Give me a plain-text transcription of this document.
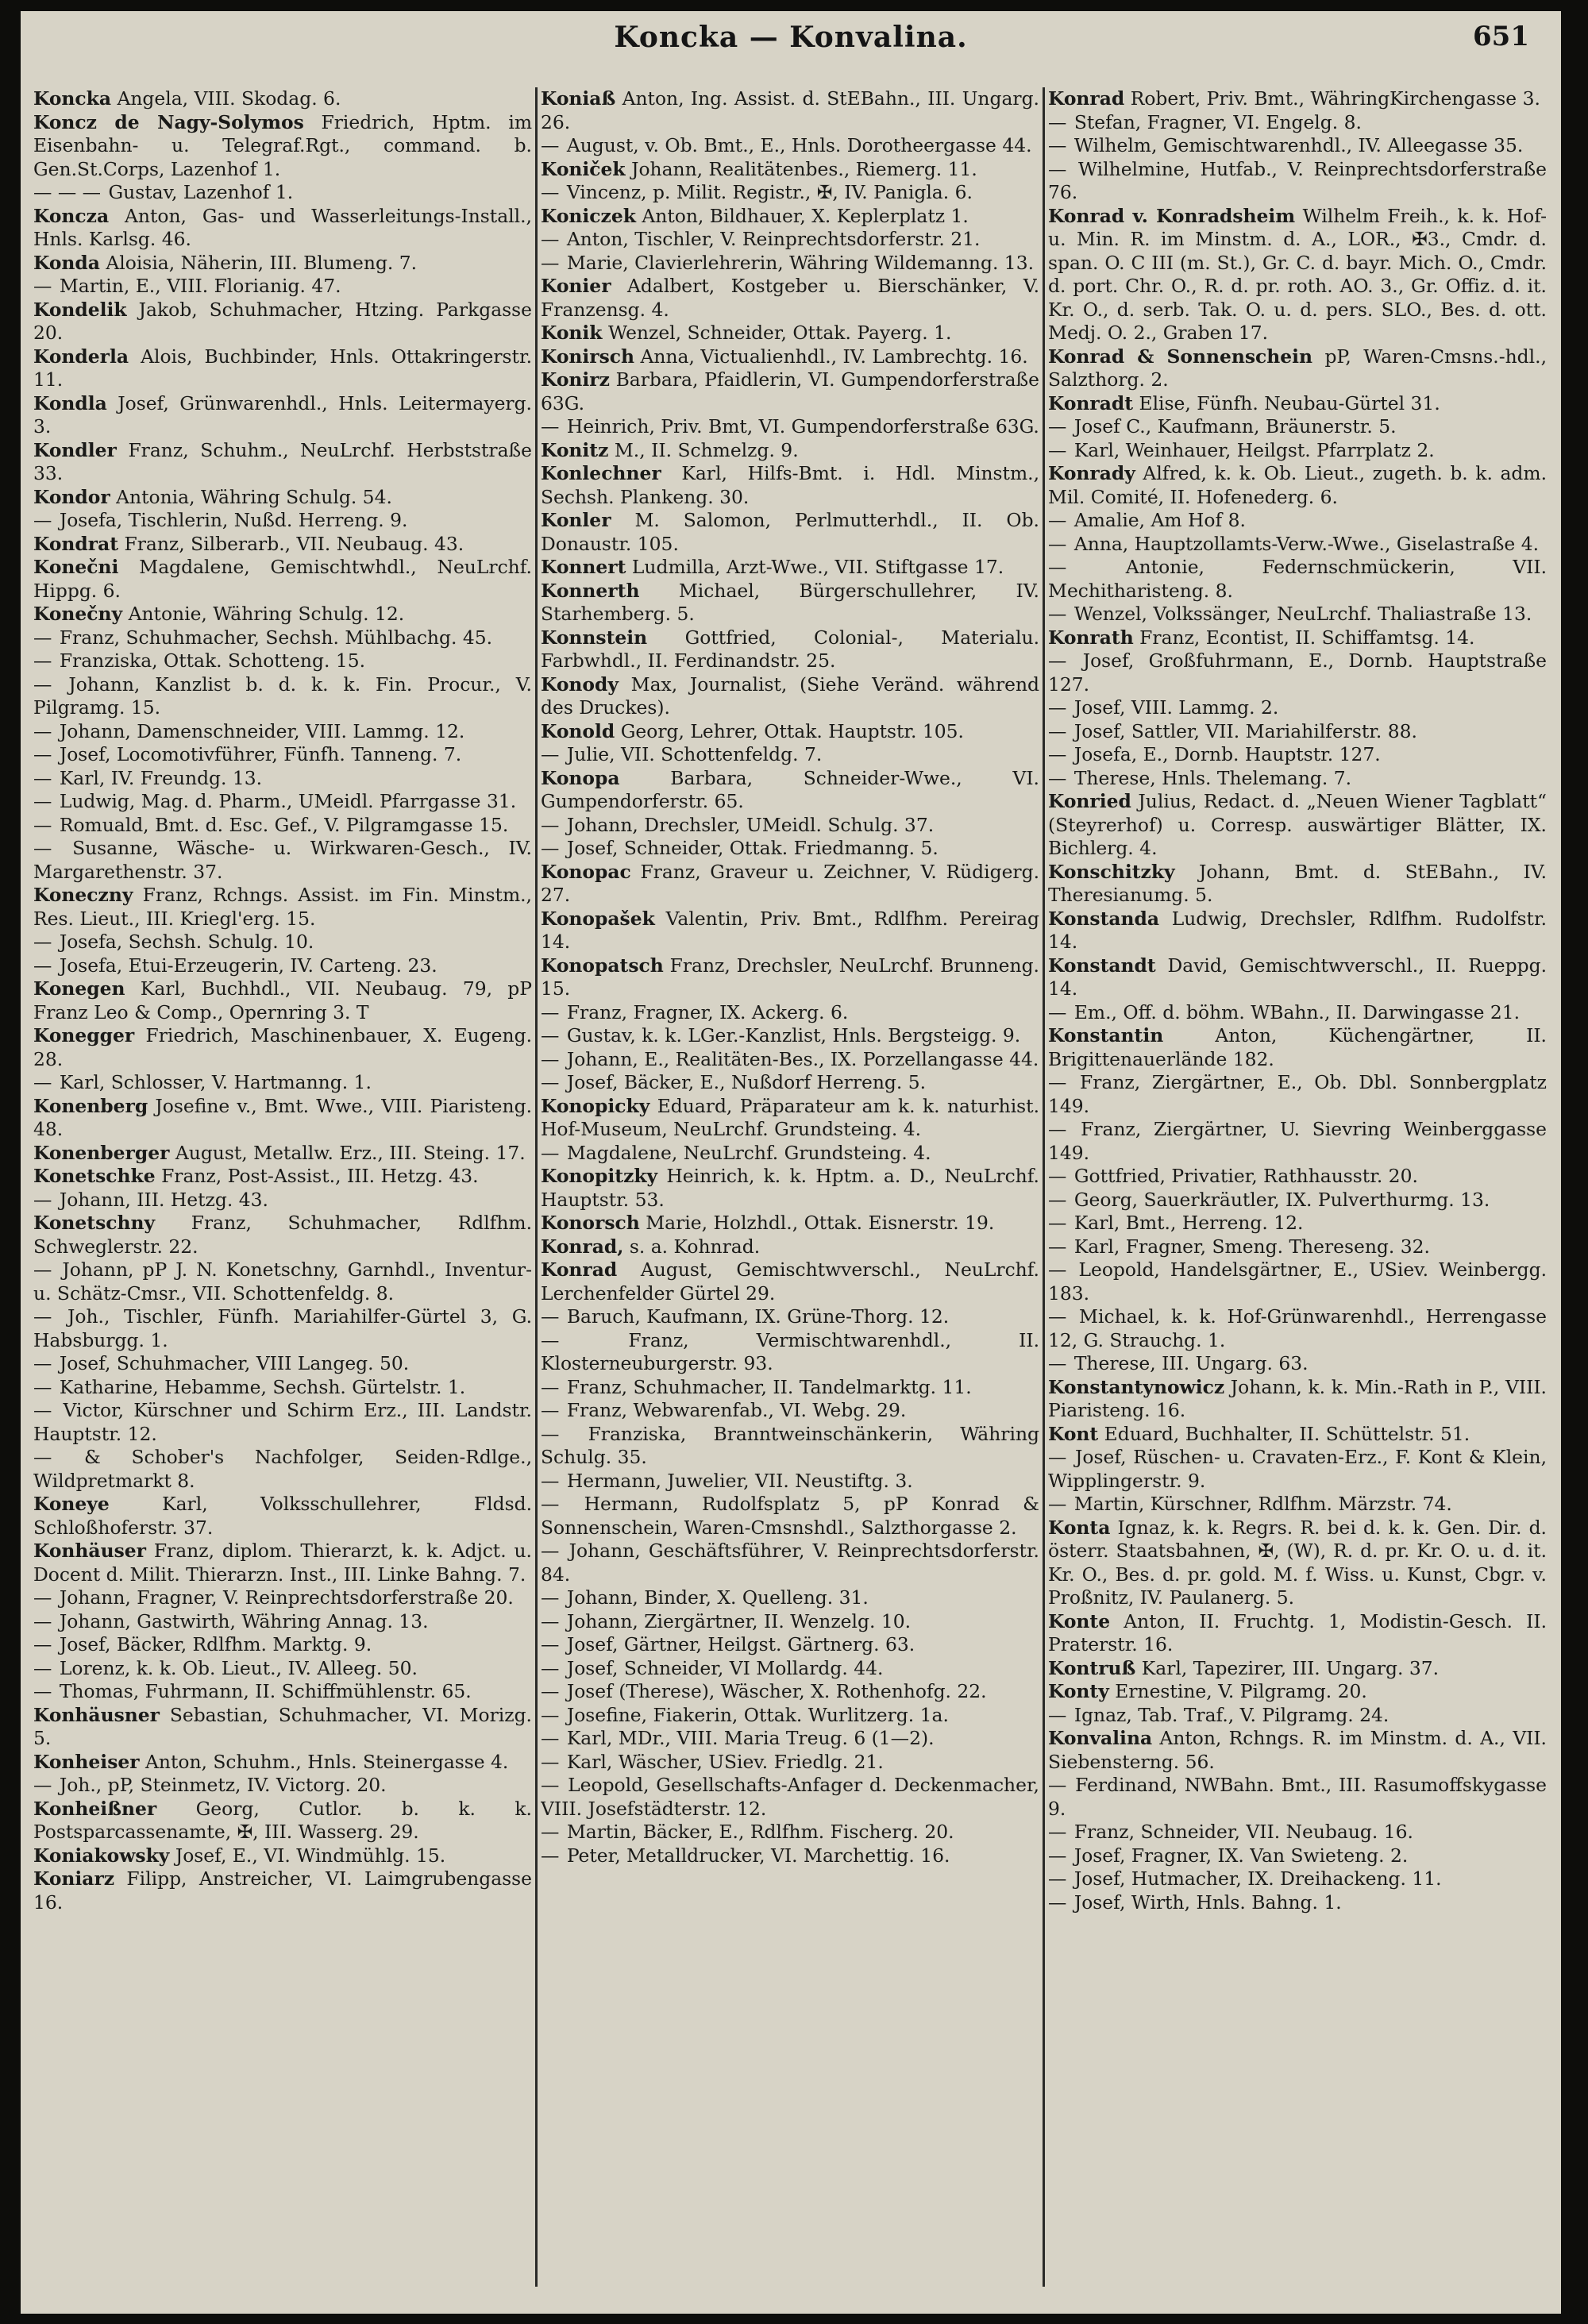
Koncka — Konvalina.	651

Koncka Angela, VIII. Skodag. 6.

Koncz de Nagy-Solymos Friedrich, Hptm. im Eisenbahn- u. Telegraf.Rgt., command. b. Gen.St.Corps, Lazenhof 1.

— — — Gustav, Lazenhof 1.

Koncza Anton, Gas- und Wasserleitungs-Install., Hnls. Karlsg. 46.

Konda Aloisia, Näherin, III. Blumeng. 7.

— Martin, E., VIII. Florianig. 47.

Kondelik Jakob, Schuhmacher, Htzing. Parkgasse 20.

Konderla Alois, Buchbinder, Hnls. Ottakringerstr. 11.

Kondla Josef, Grünwarenhdl., Hnls. Leitermayerg. 3.

Kondler Franz, Schuhm., NeuLrchf. Herbststraße 33.

Kondor Antonia, Währing Schulg. 54.

— Josefa, Tischlerin, Nußd. Herreng. 9.

Kondrat Franz, Silberarb., VII. Neubaug. 43.

Konečni Magdalene, Gemischtwhdl., NeuLrchf. Hippg. 6.

Konečny Antonie, Währing Schulg. 12.

— Franz, Schuhmacher, Sechsh. Mühlbachg. 45.

— Franziska, Ottak. Schotteng. 15.

— Johann, Kanzlist b. d. k. k. Fin. Procur., V. Pilgramg. 15.

— Johann, Damenschneider, VIII. Lammg. 12.

— Josef, Locomotivführer, Fünfh. Tanneng. 7.

— Karl, IV. Freundg. 13.

— Ludwig, Mag. d. Pharm., UMeidl. Pfarrgasse 31.

— Romuald, Bmt. d. Esc. Gef., V. Pilgramgasse 15.

— Susanne, Wäsche- u. Wirkwaren-Gesch., IV. Margarethenstr. 37.

Koneczny Franz, Rchngs. Assist. im Fin. Minstm., Res. Lieut., III. Kriegl'erg. 15.

— Josefa, Sechsh. Schulg. 10.

— Josefa, Etui-Erzeugerin, IV. Carteng. 23.

Konegen Karl, Buchhdl., VII. Neubaug. 79, pP Franz Leo & Comp., Opernring 3. T

Konegger Friedrich, Maschinenbauer, X. Eugeng. 28.

— Karl, Schlosser, V. Hartmanng. 1.

Konenberg Josefine v., Bmt. Wwe., VIII. Piaristeng. 48.

Konenberger August, Metallw. Erz., III. Steing. 17.

Konetschke Franz, Post-Assist., III. Hetzg. 43.

— Johann, III. Hetzg. 43.

Konetschny Franz, Schuhmacher, Rdlfhm. Schweglerstr. 22.

— Johann, pP J. N. Konetschny, Garnhdl., Inventur- u. Schätz-Cmsr., VII. Schottenfeldg. 8.

— Joh., Tischler, Fünfh. Mariahilfer-Gürtel 3, G. Habsburgg. 1.

— Josef, Schuhmacher, VIII Langeg. 50.

— Katharine, Hebamme, Sechsh. Gürtelstr. 1.

— Victor, Kürschner und Schirm Erz., III. Landstr. Hauptstr. 12.

— & Schober's Nachfolger, Seiden-Rdlge., Wildpretmarkt 8.

Koneye	Karl, Volksschullehrer, Fldsd. Schloßhoferstr. 37.

Konhäuser Franz, diplom. Thierarzt, k. k. Adjct. u. Docent d. Milit. Thierarzn. Inst., III. Linke Bahng. 7.

— Johann, Fragner, V. Reinprechtsdorferstraße 20.

— Johann, Gastwirth, Währing Annag. 13.

— Josef, Bäcker, Rdlfhm. Marktg. 9.

— Lorenz, k. k. Ob. Lieut., IV. Alleeg. 50.

— Thomas, Fuhrmann, II. Schiffmühlenstr. 65.

Konhäusner Sebastian, Schuhmacher, VI. Morizg. 5.

Konheiser Anton, Schuhm., Hnls. Steinergasse 4.

— Joh., pP, Steinmetz, IV. Victorg. 20.

Konheißner Georg, Cutlor. b. k. k. Postsparcassenamte, ✠, III. Wasserg. 29.

Koniakowsky Josef, E., VI. Windmühlg. 15.

Koniarz Filipp, Anstreicher, VI. Laimgrubengasse 16.

Koniaß Anton, Ing. Assist. d. StEBahn., III. Ungarg. 26.

— August, v. Ob. Bmt., E., Hnls. Dorotheergasse 44.

Koniček Johann, Realitätenbes., Riemerg. 11.

— Vincenz, p. Milit. Registr., ✠, IV. Panigla. 6.

Koniczek Anton, Bildhauer, X. Keplerplatz 1.

— Anton, Tischler, V. Reinprechtsdorferstr. 21.

— Marie, Clavierlehrerin, Währing Wildemanng. 13.

Konier Adalbert, Kostgeber u. Bierschänker, V. Franzensg. 4.

Konik Wenzel, Schneider, Ottak. Payerg. 1.

Konirsch Anna, Victualienhdl., IV. Lambrechtg. 16.

Konirz Barbara, Pfaidlerin, VI. Gumpendorferstraße 63G.

— Heinrich, Priv. Bmt, VI. Gumpendorferstraße 63G.

Konitz M., II. Schmelzg. 9.

Konlechner Karl, Hilfs-Bmt. i. Hdl. Minstm., Sechsh. Plankeng. 30.

Konler M. Salomon, Perlmutterhdl., II. Ob. Donaustr. 105.

Konnert Ludmilla, Arzt-Wwe., VII. Stiftgasse 17.

Konnerth Michael, Bürgerschullehrer, IV. Starhemberg. 5.

Konnstein Gottfried, Colonial-, Materialu. Farbwhdl., II. Ferdinandstr. 25.

Konody Max, Journalist, (Siehe Veränd. während des Druckes).

Konold Georg, Lehrer, Ottak. Hauptstr. 105.

— Julie, VII. Schottenfeldg. 7.

Konopa	Barbara, Schneider-Wwe., VI. Gumpendorferstr. 65.

— Johann, Drechsler, UMeidl. Schulg. 37.

— Josef, Schneider, Ottak. Friedmanng. 5.

Konopac Franz, Graveur u. Zeichner, V. Rüdigerg. 27.

Konopašek Valentin, Priv. Bmt., Rdlfhm. Pereirag 14.

Konopatsch Franz, Drechsler, NeuLrchf. Brunneng. 15.

— Franz, Fragner, IX. Ackerg. 6.

— Gustav, k. k. LGer.-Kanzlist, Hnls. Bergsteigg. 9.

— Johann, E., Realitäten-Bes., IX. Porzellangasse 44.

— Josef, Bäcker, E., Nußdorf Herreng. 5.

Konopicky Eduard, Präparateur am k. k. naturhist. Hof-Museum, NeuLrchf. Grundsteing. 4.

— Magdalene, NeuLrchf. Grundsteing. 4.

Konopitzky Heinrich, k. k. Hptm. a. D., NeuLrchf. Hauptstr. 53.

Konorsch Marie, Holzhdl., Ottak. Eisnerstr. 19.

Konrad, s. a. Kohnrad.

Konrad August, Gemischtwverschl., NeuLrchf. Lerchenfelder Gürtel 29.

— Baruch, Kaufmann, IX. Grüne-Thorg. 12.

—	Franz, Vermischtwarenhdl., II. Klosterneuburgerstr. 93.

— Franz, Schuhmacher, II. Tandelmarktg. 11.

— Franz, Webwarenfab., VI. Webg. 29.

— Franziska, Branntweinschänkerin, Währing Schulg. 35.

— Hermann, Juwelier, VII. Neustiftg. 3.

— Hermann, Rudolfsplatz 5, pP Konrad & Sonnenschein, Waren-Cmsnshdl., Salzthorgasse 2.

— Johann, Geschäftsführer, V. Reinprechtsdorferstr. 84.

— Johann, Binder, X. Quelleng. 31.

— Johann, Ziergärtner, II. Wenzelg. 10.

— Josef, Gärtner, Heilgst. Gärtnerg. 63.

— Josef, Schneider, VI Mollardg. 44.

— Josef (Therese), Wäscher, X. Rothenhofg. 22.

— Josefine, Fiakerin, Ottak. Wurlitzerg. 1a.

— Karl, MDr., VIII. Maria Treug. 6 (1—2).

— Karl, Wäscher, USiev. Friedlg. 21.

— Leopold, Gesellschafts-Anfager d. Deckenmacher, VIII. Josefstädterstr. 12.

— Martin, Bäcker, E., Rdlfhm. Fischerg. 20.

— Peter, Metalldrucker, VI. Marchettig. 16.

Konrad Robert, Priv. Bmt., WähringKirchengasse 3.

— Stefan, Fragner, VI. Engelg. 8.

— Wilhelm, Gemischtwarenhdl., IV. Alleegasse 35.

— Wilhelmine, Hutfab., V. Reinprechtsdorferstraße 76.

Konrad v. Konradsheim Wilhelm Freih., k. k. Hof- u. Min. R. im Minstm. d. A., LOR., ✠3., Cmdr. d. span. O. C III (m. St.), Gr. C. d. bayr. Mich. O., Cmdr. d. port. Chr. O., R. d. pr. roth. AO. 3., Gr. Offiz. d. it. Kr. O., d. serb. Tak. O. u. d. pers. SLO., Bes. d. ott. Medj. O. 2., Graben 17.

Konrad & Sonnenschein pP, Waren-Cmsns.-hdl., Salzthorg. 2.

Konradt Elise, Fünfh. Neubau-Gürtel 31.

— Josef C., Kaufmann, Bräunerstr. 5.

— Karl, Weinhauer, Heilgst. Pfarrplatz 2.

Konrady Alfred, k. k. Ob. Lieut., zugeth. b. k. adm. Mil. Comité, II. Hofenederg. 6.

— Amalie, Am Hof 8.

— Anna, Hauptzollamts-Verw.-Wwe., Giselastraße 4.

—	Antonie, Federnschmückerin, VII. Mechitharisteng. 8.

— Wenzel, Volkssänger, NeuLrchf. Thaliastraße 13.

Konrath Franz, Econtist, II. Schiffamtsg. 14.

— Josef, Großfuhrmann, E., Dornb. Hauptstraße 127.

— Josef, VIII. Lammg. 2.

— Josef, Sattler, VII. Mariahilferstr. 88.

— Josefa, E., Dornb. Hauptstr. 127.

— Therese, Hnls. Thelemang. 7.

Konried Julius, Redact. d. „Neuen Wiener Tagblatt“ (Steyrerhof) u. Corresp. auswärtiger Blätter, IX. Bichlerg. 4.

Konschitzky Johann, Bmt. d. StEBahn., IV. Theresianumg. 5.

Konstanda Ludwig, Drechsler, Rdlfhm. Rudolfstr. 14.

Konstandt David, Gemischtwverschl., II. Rueppg. 14.

— Em., Off. d. böhm. WBahn., II. Darwingasse 21.

Konstantin	Anton, Küchengärtner, II. Brigittenauerlände 182.

— Franz, Ziergärtner, E., Ob. Dbl. Sonnbergplatz 149.

— Franz, Ziergärtner, U. Sievring Weinberggasse 149.

— Gottfried, Privatier, Rathhausstr. 20.

— Georg, Sauerkräutler, IX. Pulverthurmg. 13.

— Karl, Bmt., Herreng. 12.

— Karl, Fragner, Smeng. Thereseng. 32.

— Leopold, Handelsgärtner, E., USiev. Weinbergg. 183.

— Michael, k. k. Hof-Grünwarenhdl., Herrengasse 12, G. Strauchg. 1.

— Therese, III. Ungarg. 63.

Konstantynowicz Johann, k. k. Min.-Rath in P., VIII. Piaristeng. 16.

Kont Eduard, Buchhalter, II. Schüttelstr. 51.

— Josef, Rüschen- u. Cravaten-Erz., F. Kont & Klein, Wipplingerstr. 9.

— Martin, Kürschner, Rdlfhm. Märzstr. 74.

Konta Ignaz, k. k. Regrs. R. bei d. k. k. Gen. Dir. d. österr. Staatsbahnen, ✠, (W), R. d. pr. Kr. O. u. d. it. Kr. O., Bes. d. pr. gold. M. f. Wiss. u. Kunst, Cbgr. v. Proßnitz, IV. Paulanerg. 5.

Konte Anton, II. Fruchtg. 1, Modistin-Gesch. II. Praterstr. 16.

Kontruß Karl, Tapezirer, III. Ungarg. 37.

Konty Ernestine, V. Pilgramg. 20.

— Ignaz, Tab. Traf., V. Pilgramg. 24.

Konvalina Anton, Rchngs. R. im Minstm. d. A., VII. Siebensterng. 56.

— Ferdinand, NWBahn. Bmt., III. Rasumoffskygasse 9.

— Franz, Schneider, VII. Neubaug. 16.

— Josef, Fragner, IX. Van Swieteng. 2.

— Josef, Hutmacher, IX. Dreihackeng. 11.

— Josef, Wirth, Hnls. Bahng. 1.
